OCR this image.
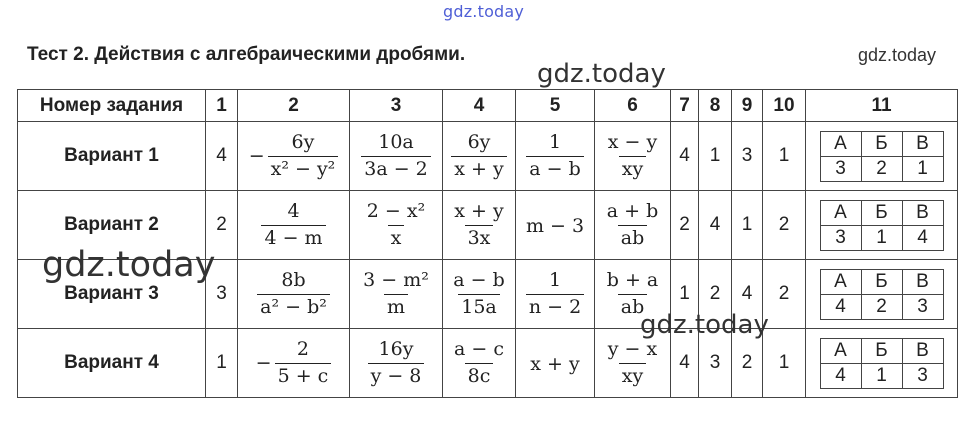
gdz.today
Тест 2. Действия с алгебраическими дробями.	gdz.today
Номер задания	1	2	3	4	5	6	7	8	9	10	11
Вариант 1	4	− $\frac{6y}{\text{x² − y²}}$	$\frac{10a}{3a - 2}$	$\frac{6y}{x + y}$	$\frac{1}{a - b}$	$\frac{x - y}{xy}$	4	1	3	1	
А	Б	В
3	2	1

Вариант 2	2	$\frac{4}{4 - m}$	$\frac{\text{2 − x²}}{x}$	$\frac{x + y}{3x}$	m − 3	$\frac{a + b}{ab}$	2	4	1	2	
А	Б	В
3	1	4

Вариант 3	3	$\frac{8b}{\text{a² − b²}}$	$\frac{\text{3 − m²}}{m}$	$\frac{a - b}{15a}$	$\frac{1}{n - 2}$	$\frac{b + a}{ab}$	1	2	4	2	
А	Б	В
4	2	3

Вариант 4	1	− $\frac{2}{5 + c}$	$\frac{16y}{y - 8}$	$\frac{a - c}{8c}$	x + y	$\frac{y - x}{xy}$	4	3	2	1	
А	Б	В
4	1	3
gdz.today
gdz.today
gdz.today
